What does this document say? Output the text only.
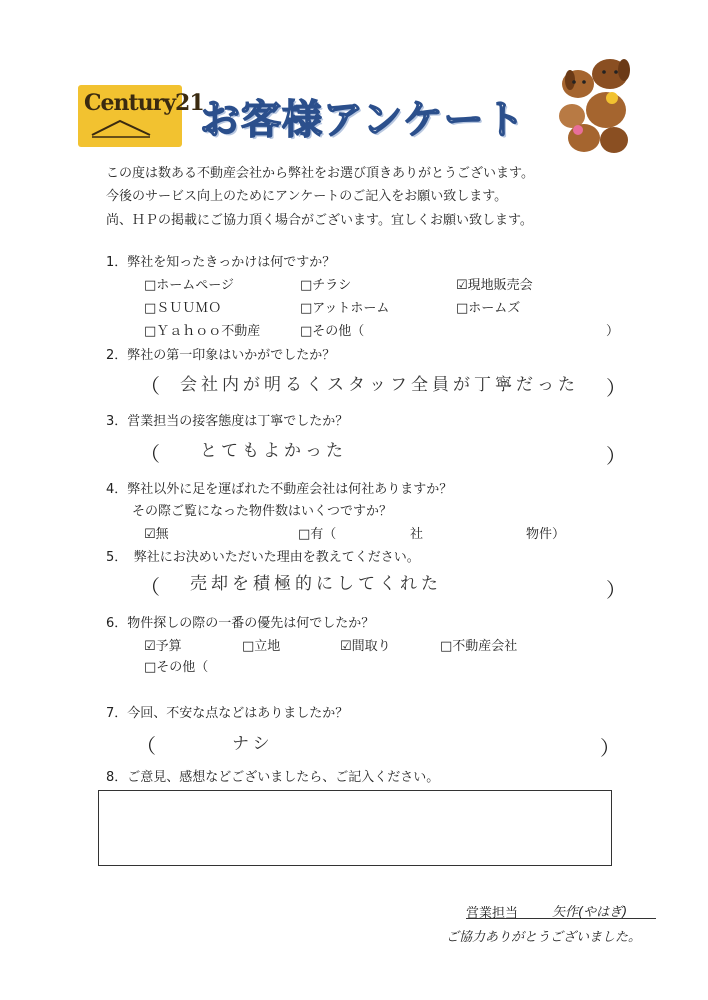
Century21
お客様アンケート
この度は数ある不動産会社から弊社をお選び頂きありがとうございます。
今後のサービス向上のためにアンケートのご記入をお願い致します。
尚、ＨＰの掲載にご協力頂く場合がございます。宜しくお願い致します。
1．弊社を知ったきっかけは何ですか？
□ホームページ	□チラシ	☑現地販売会
□ＳＵＵＭＯ	□アットホーム	□ホームズ
□Ｙａｈｏｏ不動産	□その他（	）
2．弊社の第一印象はいかがでしたか？
（ 会社内が明るくスタッフ全員が丁寧だった ）
3．営業担当の接客態度は丁寧でしたか？
（ とてもよかった	）
4．弊社以外に足を運ばれた不動産会社は何社ありますか？
その際ご覧になった物件数はいくつですか？
☑無	□有（	社	物件）
5．　弊社にお決めいただいた理由を教えてください。
（ 売却を積極的にしてくれた	）
6．物件探しの際の一番の優先は何でしたか？
☑予算	□立地	☑間取り	□不動産会社
□その他（
7．今回、不安な点などはありましたか？
（	ナシ	）
8．ご意見、感想などございましたら、ご記入ください。
営業担当	矢作(やはぎ)
ご協力ありがとうございました。
